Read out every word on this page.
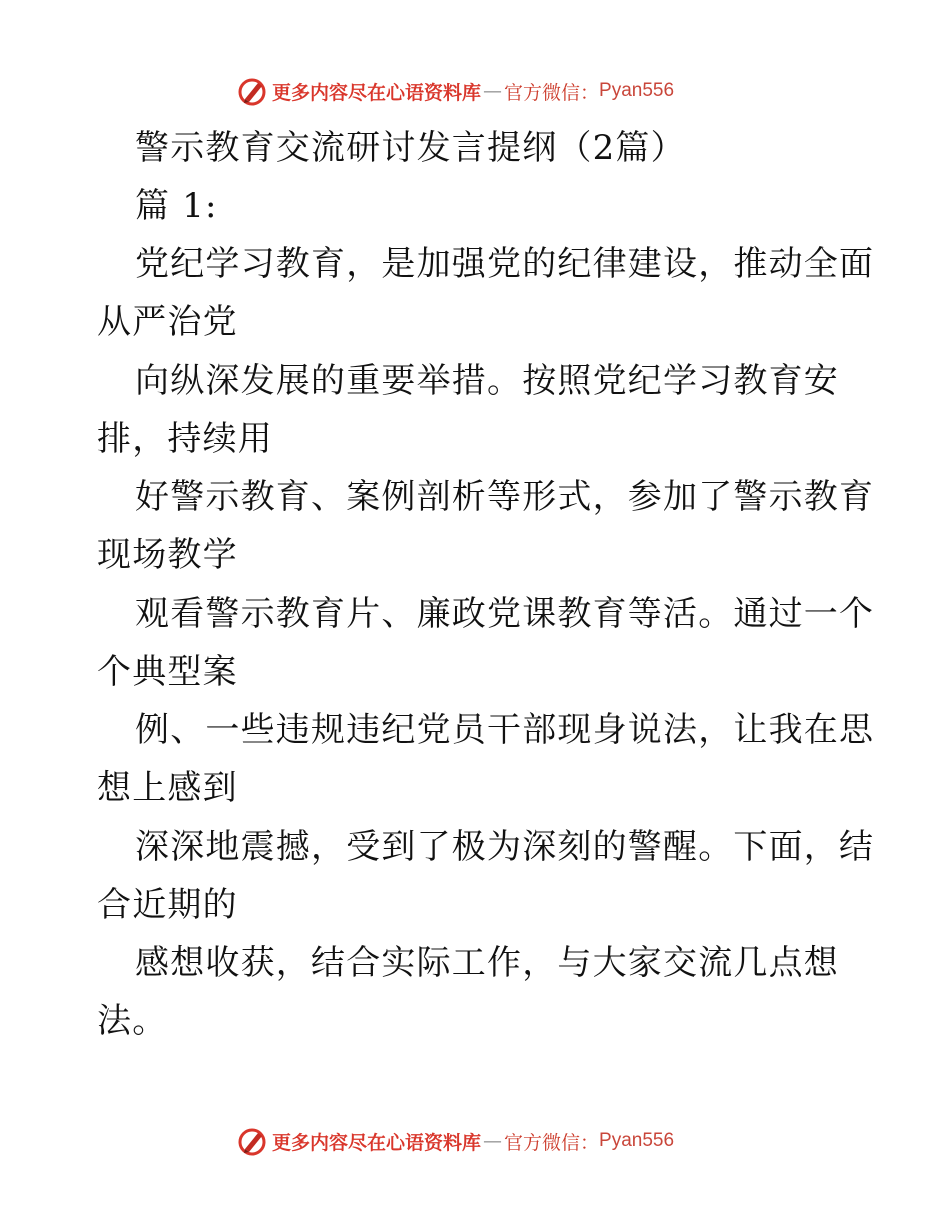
更多内容尽在心语资料库 — 官方微信： Pyan556
警示教育交流研讨发言提纲（2篇）
篇 1:
党纪学习教育，是加强党的纪律建设，推动全面
从严治党
向纵深发展的重要举措。按照党纪学习教育安
排，持续用
好警示教育、案例剖析等形式，参加了警示教育
现场教学
观看警示教育片、廉政党课教育等活。通过一个
个典型案
例、一些违规违纪党员干部现身说法，让我在思
想上感到
深深地震撼，受到了极为深刻的警醒。下面，结
合近期的
感想收获，结合实际工作，与大家交流几点想
法。
更多内容尽在心语资料库 — 官方微信： Pyan556
